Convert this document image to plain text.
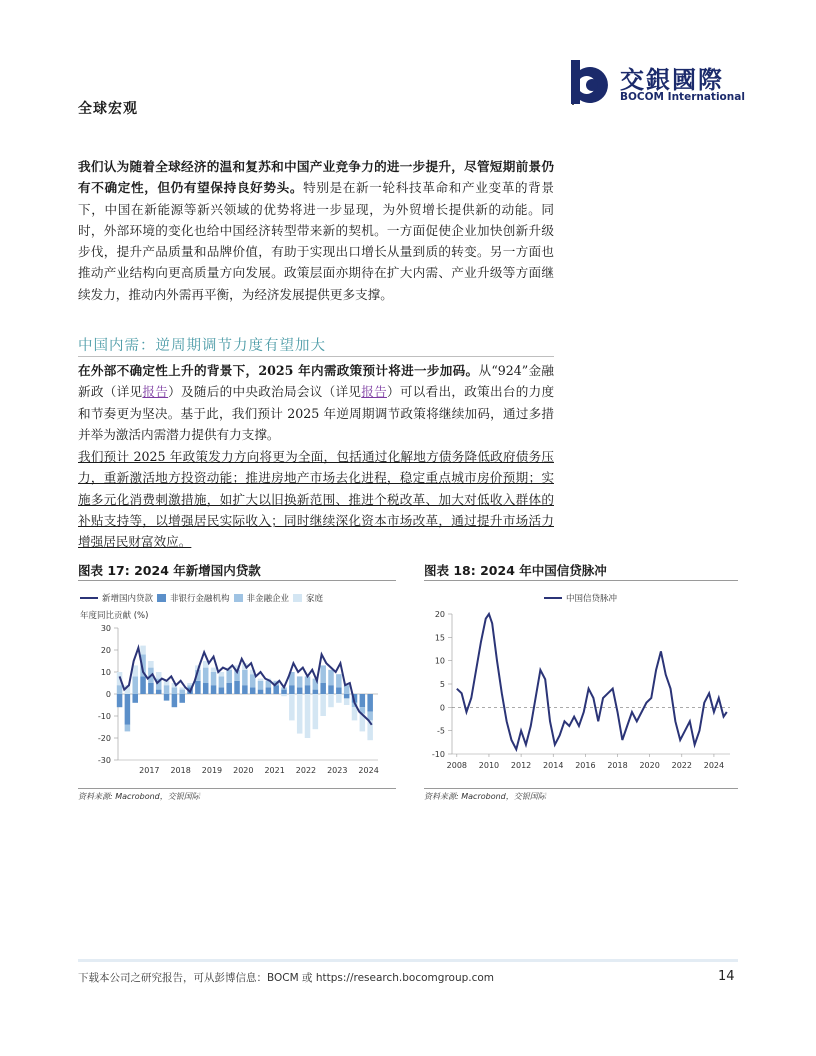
全球宏观
交銀國際
BOCOM International

我们认为随着全球经济的温和复苏和中国产业竞争力的进一步提升，尽管短期前景仍有不确定性，但仍有望保持良好势头。特别是在新一轮科技革命和产业变革的背景下，中国在新能源等新兴领域的优势将进一步显现，为外贸增长提供新的动能。同时，外部环境的变化也给中国经济转型带来新的契机。一方面促使企业加快创新升级步伐，提升产品质量和品牌价值，有助于实现出口增长从量到质的转变。另一方面也推动产业结构向更高质量方向发展。政策层面亦期待在扩大内需、产业升级等方面继续发力，推动内外需再平衡，为经济发展提供更多支撑。

中国内需：逆周期调节力度有望加大

在外部不确定性上升的背景下，2025 年内需政策预计将进一步加码。从“924”金融新政（详见报告）及随后的中央政治局会议（详见报告）可以看出，政策出台的力度和节奏更为坚决。基于此，我们预计 2025 年逆周期调节政策将继续加码，通过多措并举为激活内需潜力提供有力支撑。

我们预计 2025 年政策发力方向将更为全面，包括通过化解地方债务降低政府债务压力，重新激活地方投资动能；推进房地产市场去化进程，稳定重点城市房价预期；实施多元化消费刺激措施，如扩大以旧换新范围、推进个税改革、加大对低收入群体的补贴支持等，以增强居民实际收入；同时继续深化资本市场改革，通过提升市场活力增强居民财富效应。

图表 17: 2024 年新增国内贷款
新增国内贷款 非银行金融机构 非金融企业 家庭
年度同比贡献 (%)
-30
-20
-10
0
10
20
30
2017 2018 2019 2020 2021 2022 2023 2024
资料来源: Macrobond，交银国际
图表 18: 2024 年中国信贷脉冲
中国信贷脉冲
-10
-5
0
5
10
15
20
2008 2010 2012 2014 2016 2018 2020 2022 2024
资料来源: Macrobond，交银国际
下载本公司之研究报告，可从彭博信息：BOCM 或 https://research.bocomgroup.com	14
